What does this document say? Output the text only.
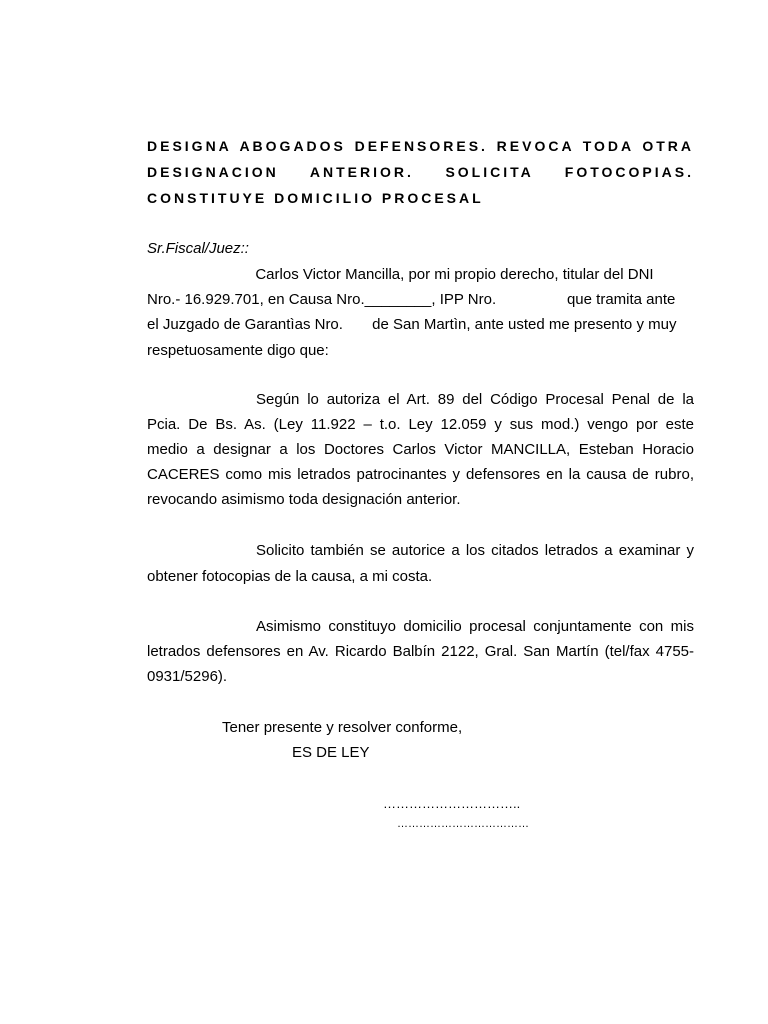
DESIGNA ABOGADOS DEFENSORES. REVOCA TODA OTRA
DESIGNACION ANTERIOR. SOLICITA FOTOCOPIAS.
CONSTITUYE DOMICILIO PROCESAL
Sr.Fiscal/Juez::
Carlos Victor Mancilla, por mi propio derecho, titular del DNI
Nro.- 16.929.701, en Causa Nro.________, IPP Nro.                 que tramita ante
el Juzgado de Garantìas Nro.       de San Martìn, ante usted me presento y muy
respetuosamente digo que:
Según lo autoriza el Art. 89 del Código Procesal Penal de la
Pcia. De Bs. As. (Ley 11.922 – t.o. Ley 12.059 y sus mod.) vengo por este
medio a designar a los Doctores Carlos Victor MANCILLA, Esteban Horacio
CACERES como mis letrados patrocinantes y defensores en la causa de rubro,
revocando asimismo toda designación anterior.
Solicito también se autorice a los citados letrados a examinar y
obtener fotocopias de la causa, a mi costa.
Asimismo constituyo domicilio procesal conjuntamente con mis
letrados defensores en Av. Ricardo Balbín 2122, Gral. San Martín (tel/fax 4755-
0931/5296).
Tener presente y resolver conforme,
ES DE LEY
…………………………..
………………………………
